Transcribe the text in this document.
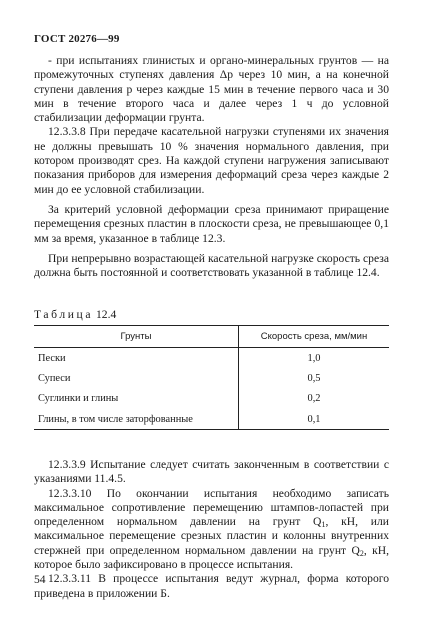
ГОСТ 20276—99

- при испытаниях глинистых и органо-минеральных грунтов — на промежуточных ступенях давления Δp через 10 мин, а на конечной ступени давления p через каждые 15 мин в течение первого часа и 30 мин в течение второго часа и далее через 1 ч до условной стабилизации деформации грунта.

12.3.3.8 При передаче касательной нагрузки ступенями их значения не должны превышать 10 % значения нормального давления, при котором производят срез. На каждой ступени нагружения записывают показания приборов для измерения деформаций среза через каждые 2 мин до ее условной стабилизации.

За критерий условной деформации среза принимают приращение перемещения срезных пластин в плоскости среза, не превышающее 0,1 мм за время, указанное в таблице 12.3.

При непрерывно возрастающей касательной нагрузке скорость среза должна быть постоянной и соответствовать указанной в таблице 12.4.

Таблица 12.4
Грунты	Скорость среза, мм/мин
Пески	1,0
Супеси	0,5
Суглинки и глины	0,2
Глины, в том числе заторфованные	0,1

12.3.3.9 Испытание следует считать законченным в соответствии с указаниями 11.4.5.

12.3.3.10 По окончании испытания необходимо записать максимальное сопротивление перемещению штампов-лопастей при определенном нормальном давлении на грунт $Q_1$, кН, или максимальное перемещение срезных пластин и колонны внутренних стержней при определенном нормальном давлении на грунт $Q_2$, кН, которое было зафиксировано в процессе испытания.

12.3.3.11 В процессе испытания ведут журнал, форма которого приведена в приложении Б.

54
